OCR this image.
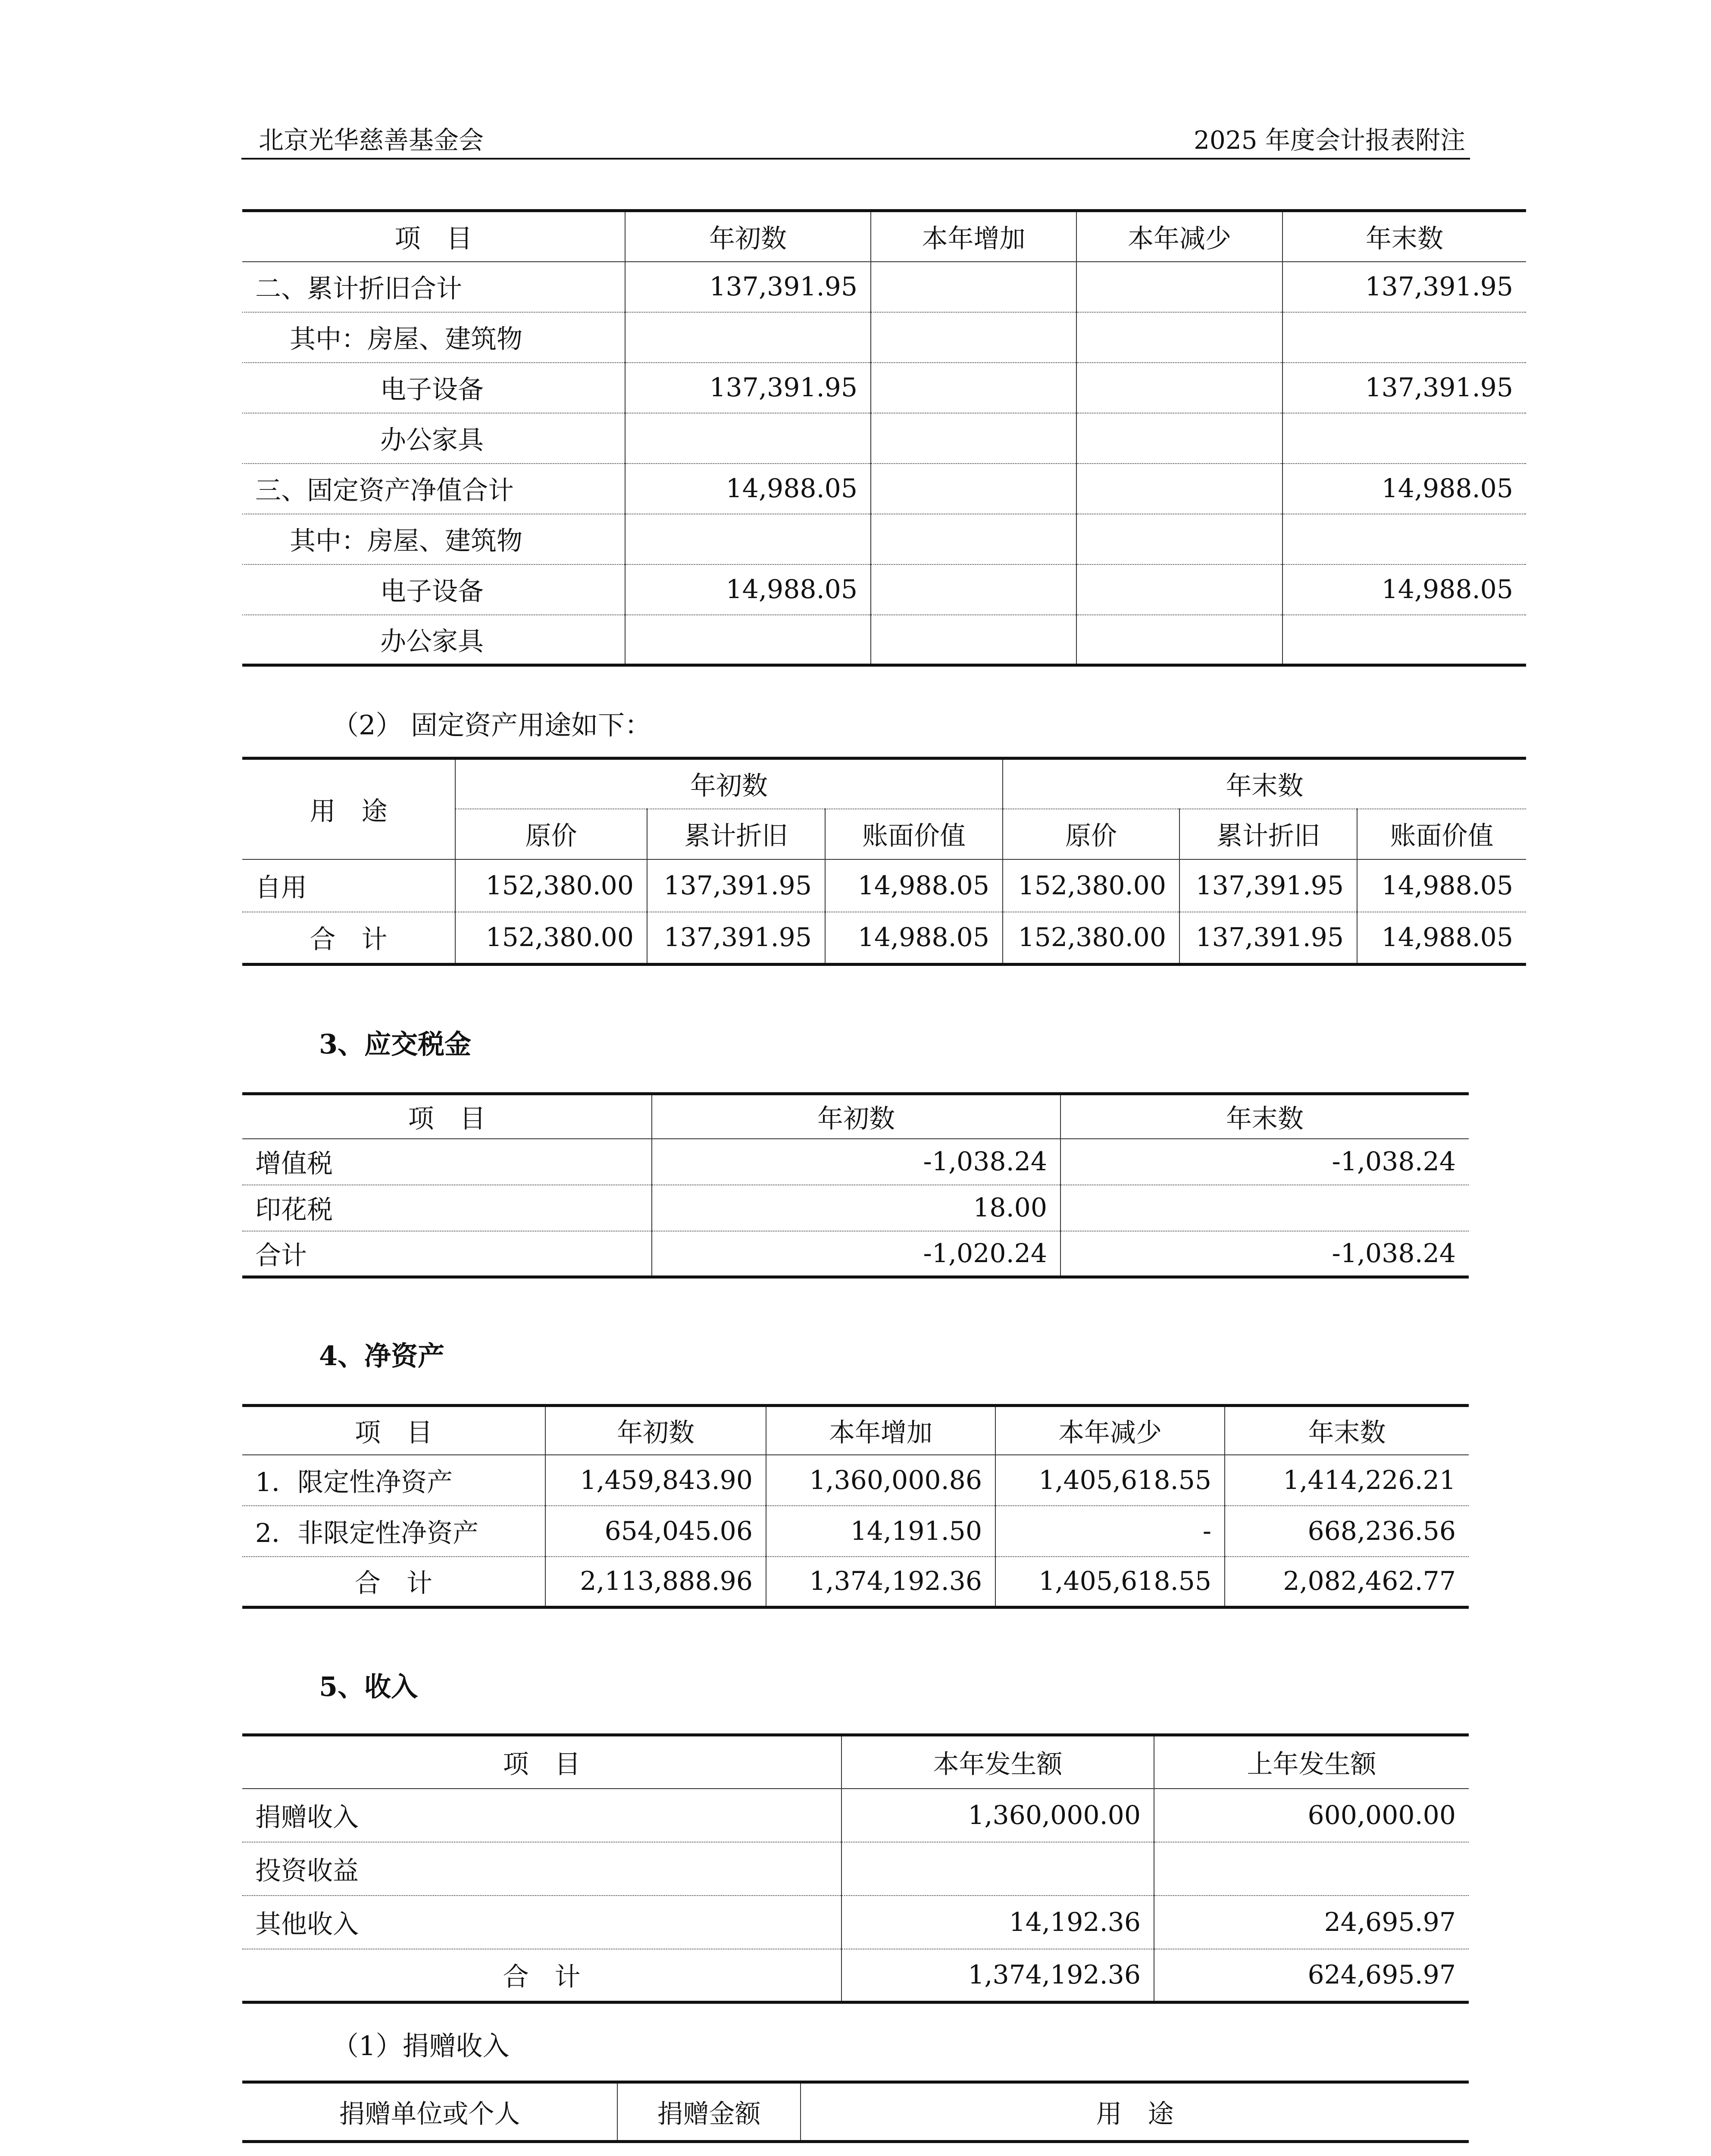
北京光华慈善基金会	2025 年度会计报表附注
项　目	年初数	本年增加	本年减少	年末数
二、累计折旧合计	137,391.95			137,391.95
其中：房屋、建筑物				
电子设备	137,391.95			137,391.95
办公家具				
三、固定资产净值合计	14,988.05			14,988.05
其中：房屋、建筑物				
电子设备	14,988.05			14,988.05
办公家具				
（2） 固定资产用途如下：
用　途	年初数			年末数		
	原价	累计折旧	账面价值	原价	累计折旧	账面价值
自用	152,380.00	137,391.95	14,988.05	152,380.00	137,391.95	14,988.05
合　计	152,380.00	137,391.95	14,988.05	152,380.00	137,391.95	14,988.05
3、应交税金
项　目	年初数	年末数
增值税	-1,038.24	-1,038.24
印花税	18.00	
合计	-1,020.24	-1,038.24
4、净资产
项　目	年初数	本年增加	本年减少	年末数
1．限定性净资产	1,459,843.90	1,360,000.86	1,405,618.55	1,414,226.21
2．非限定性净资产	654,045.06	14,191.50	-	668,236.56
合　计	2,113,888.96	1,374,192.36	1,405,618.55	2,082,462.77
5、收入
项　目	本年发生额	上年发生额
捐赠收入	1,360,000.00	600,000.00
投资收益		
其他收入	14,192.36	24,695.97
合　计	1,374,192.36	624,695.97
（1）捐赠收入
捐赠单位或个人	捐赠金额	用　途
